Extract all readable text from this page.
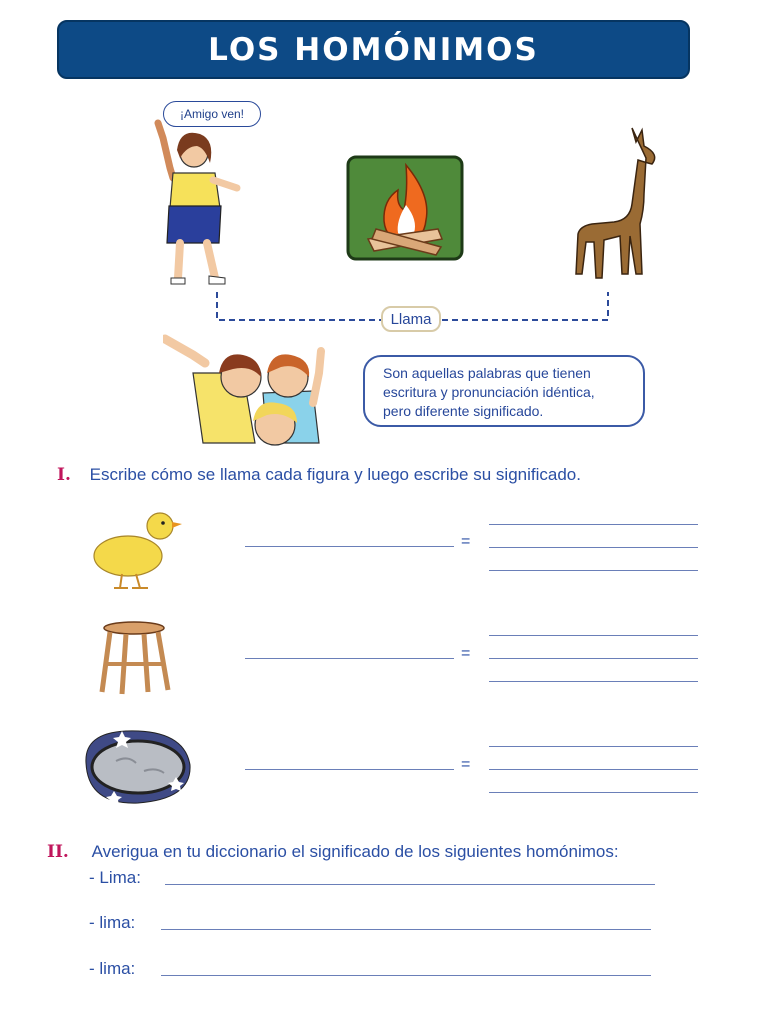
LOS HOMÓNIMOS
¡Amigo ven!
Llama
Son aquellas palabras que tienen
escritura y pronunciación idéntica,
pero diferente significado.
I. Escribe cómo se llama cada figura y luego escribe su significado.
=
=
=
II. Averigua en tu diccionario el significado de los siguientes homónimos:
- Lima:
- lima:
- lima:
